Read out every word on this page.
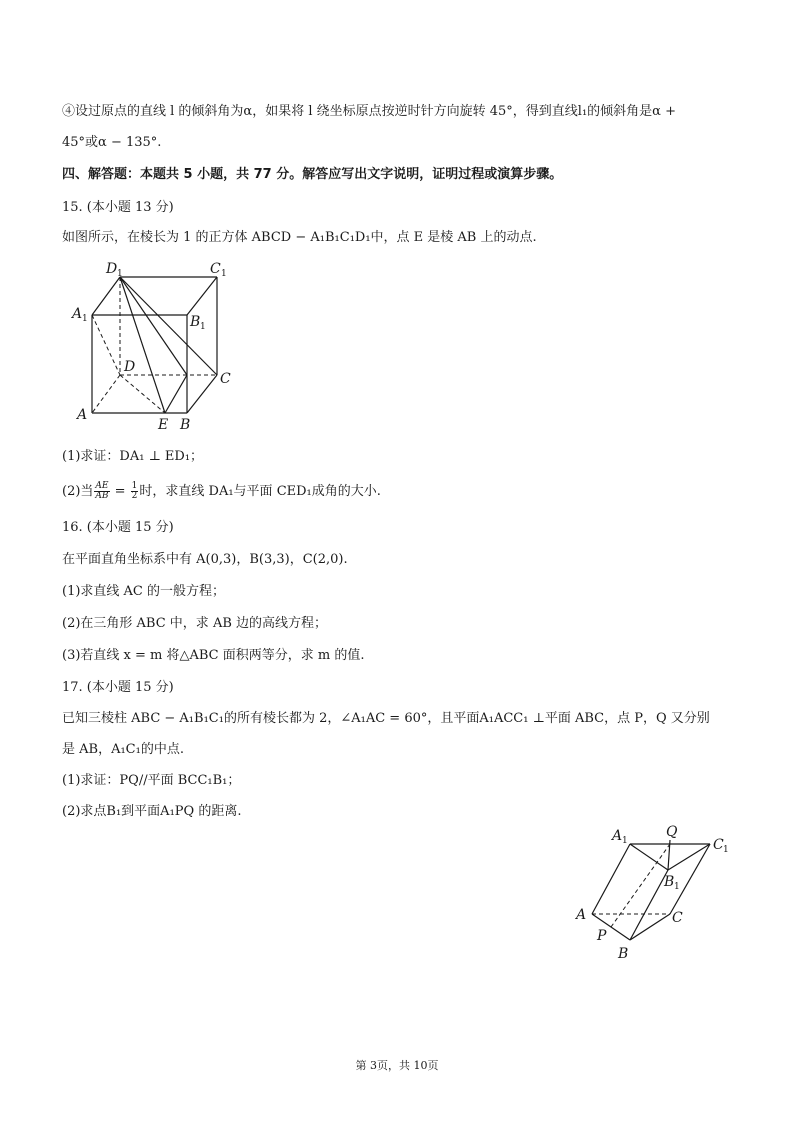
④设过原点的直线 l 的倾斜角为α，如果将 l 绕坐标原点按逆时针方向旋转 45°，得到直线l₁的倾斜角是α +
45°或α − 135°.
四、解答题：本题共 5 小题，共 77 分。解答应写出文字说明，证明过程或演算步骤。
15. (本小题 13 分)
如图所示，在棱长为 1 的正方体 ABCD − A₁B₁C₁D₁中，点 E 是棱 AB 上的动点.
D 1	C 1
A 1	B 1
D
C
A
E B
(1)求证：DA₁ ⊥ ED₁；
(2)当 $\frac{AE}{AB} = \frac{1}{2}$ 时，求直线 DA₁与平面 CED₁成角的大小.
16. (本小题 15 分)
在平面直角坐标系中有 A(0,3)，B(3,3)，C(2,0).
(1)求直线 AC 的一般方程；
(2)在三角形 ABC 中，求 AB 边的高线方程；
(3)若直线 x = m 将△ABC 面积两等分，求 m 的值.
17. (本小题 15 分)
已知三棱柱 ABC − A₁B₁C₁的所有棱长都为 2，∠A₁AC = 60°，且平面A₁ACC₁ ⊥平面 ABC，点 P，Q 又分别
是 AB，A₁C₁的中点.
(1)求证：PQ//平面 BCC₁B₁；
(2)求点B₁到平面A₁PQ 的距离.
A 1
Q
C 1
B 1
A	C
P
B
第 3页，共 10页
